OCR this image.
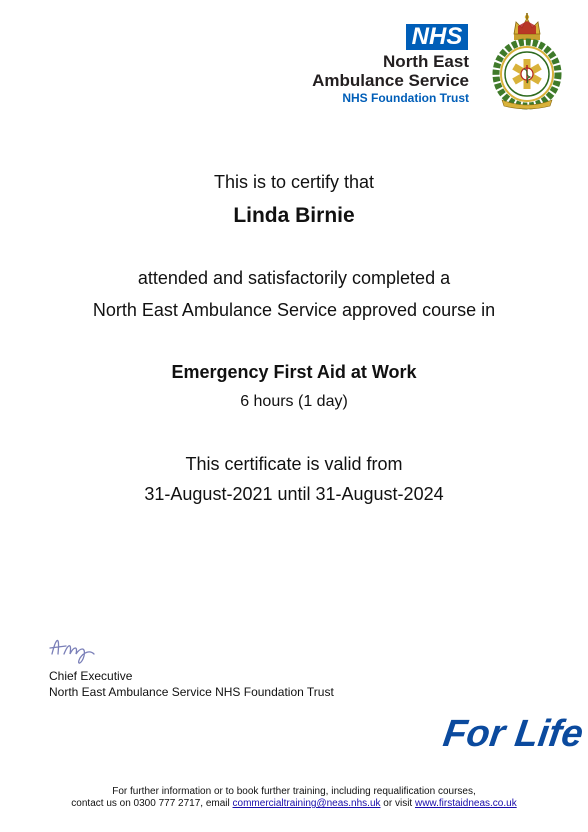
NHS
North East
Ambulance Service
NHS Foundation Trust
This is to certify that
Linda Birnie
attended and satisfactorily completed a
North East Ambulance Service approved course in
Emergency First Aid at Work
6 hours (1 day)
This certificate is valid from
31-August-2021 until 31-August-2024
Chief Executive
North East Ambulance Service NHS Foundation Trust
For Life
For further information or to book further training, including requalification courses,
contact us on 0300 777 2717, email commercialtraining@neas.nhs.uk or visit www.firstaidneas.co.uk
